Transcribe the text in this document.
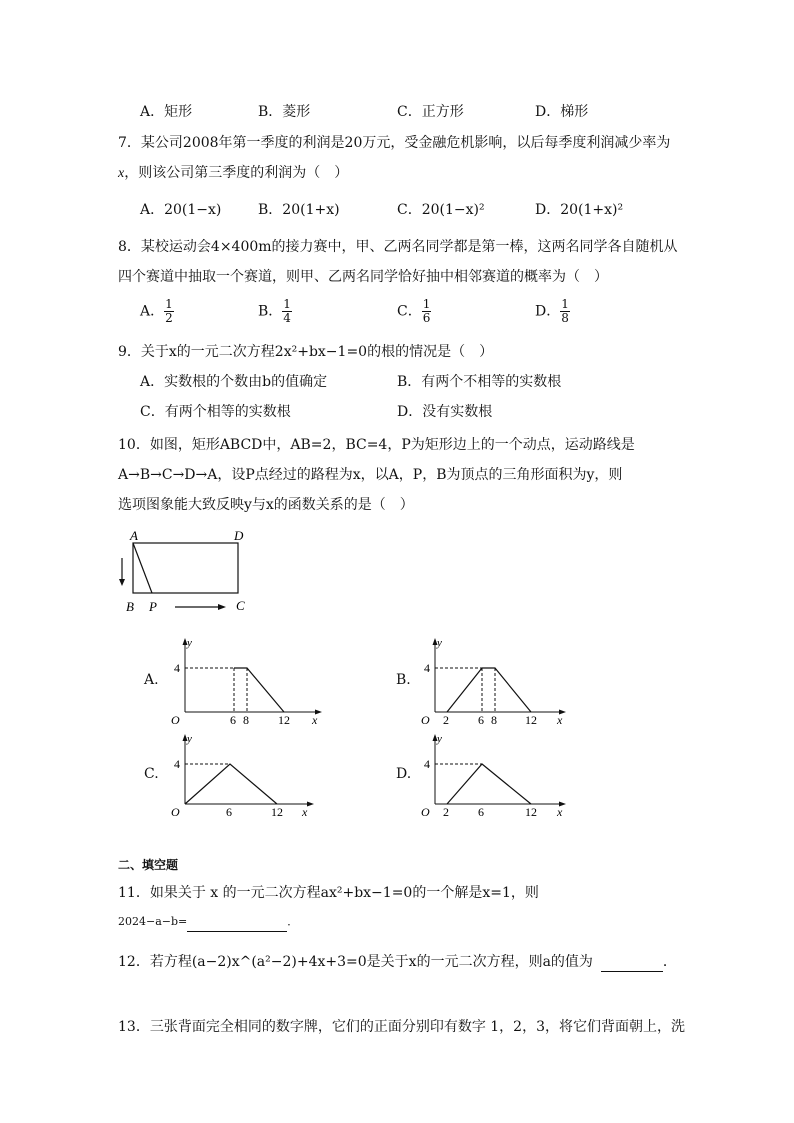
A．矩形	B．菱形	C．正方形	D．梯形
7．某公司2008年第一季度的利润是20万元，受金融危机影响，以后每季度利润减少率为
x，则该公司第三季度的利润为（　）
A．20(1−x)	B．20(1+x)	C．20(1−x)²	D．20(1+x)²
8．某校运动会4×400m的接力赛中，甲、乙两名同学都是第一棒，这两名同学各自随机从
四个赛道中抽取一个赛道，则甲、乙两名同学恰好抽中相邻赛道的概率为（　）
A． $\frac{1}{2}$	B． $\frac{1}{4}$	C． $\frac{1}{6}$	D． $\frac{1}{8}$
9．关于x的一元二次方程2x²+bx−1=0的根的情况是（　）
A．实数根的个数由b的值确定	B．有两个不相等的实数根
C．有两个相等的实数根	D．没有实数根
10．如图，矩形ABCD中，AB=2，BC=4，P为矩形边上的一个动点，运动路线是
A→B→C→D→A，设P点经过的路程为x，以A，P，B为顶点的三角形面积为y，则
选项图象能大致反映y与x的函数关系的是（　）
A	D
B P	C
A.
y
4
O	6 8 12 x
B.
y
4
O 2 6 8 12 x
C.
y
4
O	6	12 x
D.
y
4
O 2 6	12 x
二、填空题
11．如果关于 x 的一元二次方程ax²+bx−1=0的一个解是x=1，则
2024−a−b=	．
12．若方程(a−2)x^(a²−2)+4x+3=0是关于x的一元二次方程，则a的值为	．
13．三张背面完全相同的数字牌，它们的正面分别印有数字 1，2，3，将它们背面朝上，洗
